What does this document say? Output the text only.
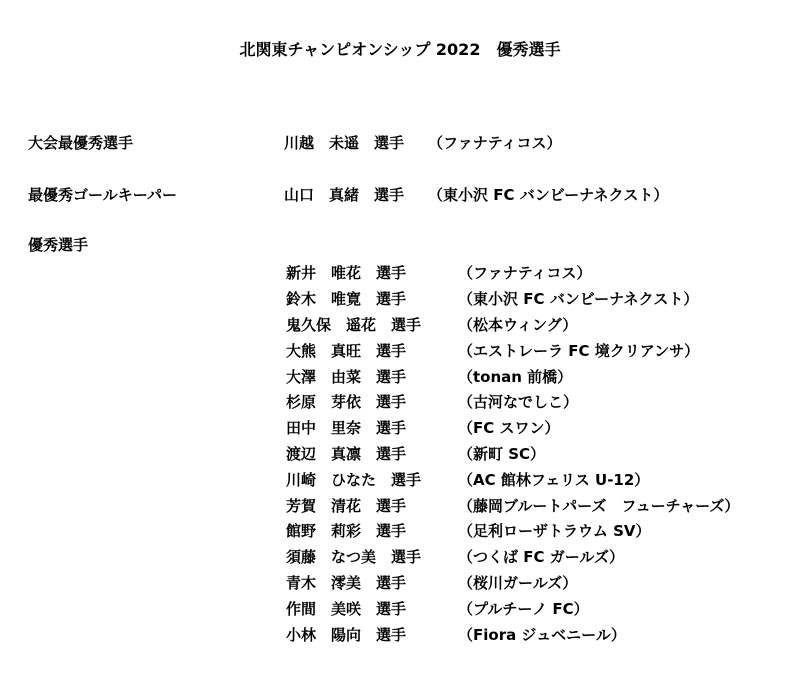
北関東チャンピオンシップ 2022　優秀選手
大会最優秀選手	川越　未遥　選手 （ファナティコス）
最優秀ゴールキーパー	山口　真緒　選手 （東小沢 FC バンビーナネクスト）
優秀選手
新井　唯花　選手	（ファナティコス）
鈴木　唯寛　選手	（東小沢 FC バンビーナネクスト）
鬼久保　遥花　選手	（松本ウィング）
大熊　真旺　選手	（エストレーラ FC 境クリアンサ）
大澤　由菜　選手	（tonan 前橋）
杉原　芽依　選手	（古河なでしこ）
田中　里奈　選手	（FC スワン）
渡辺　真凛　選手	（新町 SC）
川崎　ひなた　選手	（AC 館林フェリス U-12）
芳賀　清花　選手	（藤岡ブルートパーズ　フューチャーズ）
館野　莉彩　選手	（足利ローザトラウム SV）
須藤　なつ美　選手	（つくば FC ガールズ）
青木　澪美　選手	（桜川ガールズ）
作間　美咲　選手	（プルチーノ FC）
小林　陽向　選手	（Fiora ジュベニール）
